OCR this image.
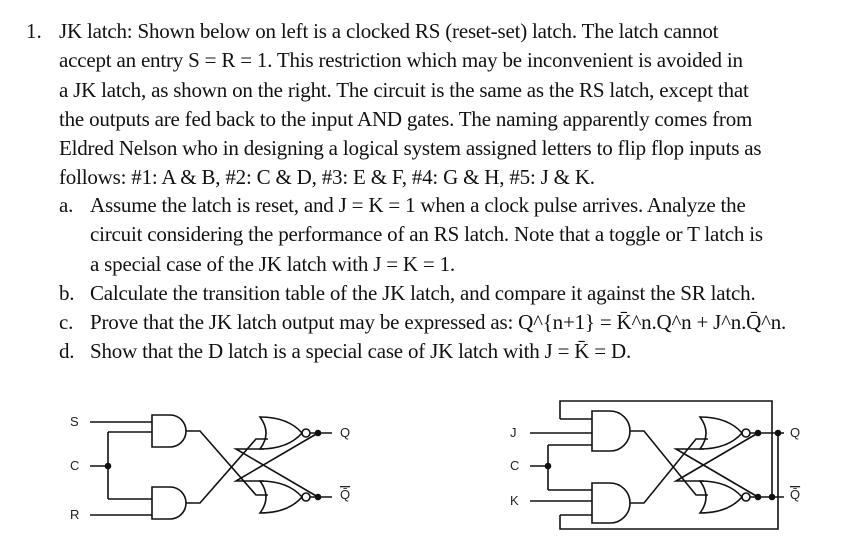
1. JK latch: Shown below on left is a clocked RS (reset-set) latch. The latch cannot

accept an entry S = R = 1. This restriction which may be inconvenient is avoided in

a JK latch, as shown on the right. The circuit is the same as the RS latch, except that

the outputs are fed back to the input AND gates. The naming apparently comes from

Eldred Nelson who in designing a logical system assigned letters to flip flop inputs as

follows: #1: A & B, #2: C & D, #3: E & F, #4: G & H, #5: J & K.

a. Assume the latch is reset, and J = K = 1 when a clock pulse arrives. Analyze the
circuit considering the performance of an RS latch. Note that a toggle or T latch is
a special case of the JK latch with J = K = 1.
b. Calculate the transition table of the JK latch, and compare it against the SR latch.
c. Prove that the JK latch output may be expressed as: Q^{n+1} = K̄^n.Q^n + J^n.Q̄^n.
d. Show that the D latch is a special case of JK latch with J = K̄ = D.
S
C
R
Q
Q̄
J
C
K
Q
Q̄
